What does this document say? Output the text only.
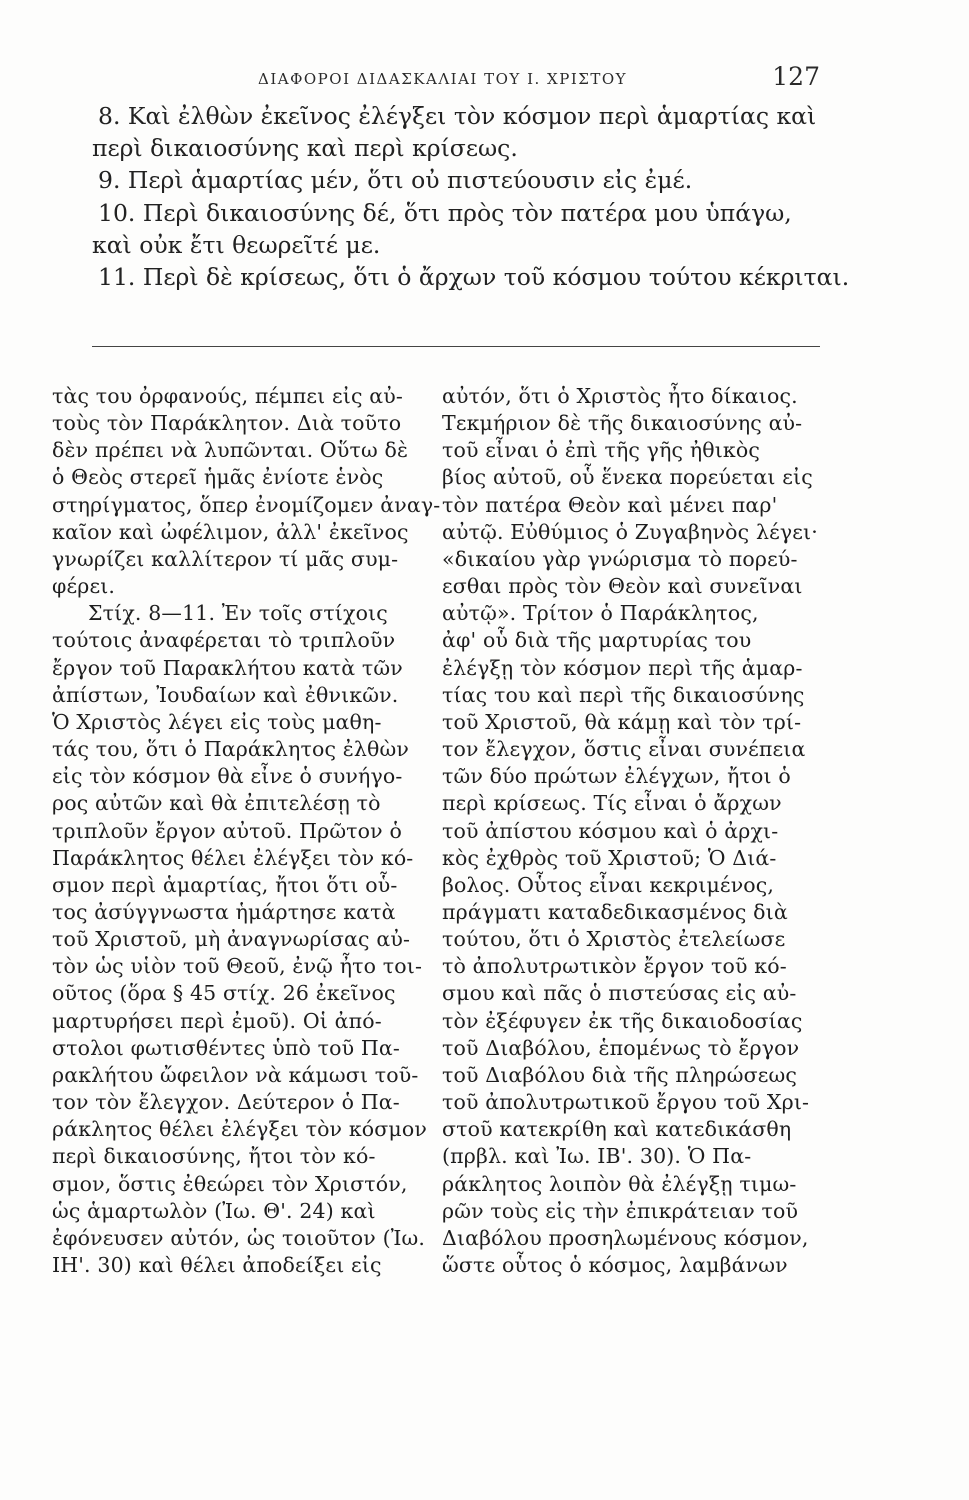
ΔΙΑΦΟΡΟΙ ΔΙΔΑΣΚΑΛΙΑΙ ΤΟΥ Ι. ΧΡΙΣΤΟΥ	127
8. Καὶ ἐλθὼν ἐκεῖνος ἐλέγξει τὸν κόσμον περὶ ἁμαρτίας καὶ
περὶ δικαιοσύνης καὶ περὶ κρίσεως.
9. Περὶ ἁμαρτίας μέν, ὅτι οὐ πιστεύουσιν εἰς ἐμέ.
10. Περὶ δικαιοσύνης δέ, ὅτι πρὸς τὸν πατέρα μου ὑπάγω,
καὶ οὐκ ἔτι θεωρεῖτέ με.
11. Περὶ δὲ κρίσεως, ὅτι ὁ ἄρχων τοῦ κόσμου τούτου κέκριται.
τὰς του ὀρφανούς, πέμπει εἰς αὐ-
τοὺς τὸν Παράκλητον. Διὰ τοῦτο
δὲν πρέπει νὰ λυπῶνται. Οὕτω δὲ
ὁ Θεὸς στερεῖ ἡμᾶς ἐνίοτε ἑνὸς
στηρίγματος, ὅπερ ἐνομίζομεν ἀναγ-
καῖον καὶ ὠφέλιμον, ἀλλ' ἐκεῖνος
γνωρίζει καλλίτερον τί μᾶς συμ-
φέρει.
Στίχ. 8—11. Ἐν τοῖς στίχοις
τούτοις ἀναφέρεται τὸ τριπλοῦν
ἔργον τοῦ Παρακλήτου κατὰ τῶν
ἀπίστων, Ἰουδαίων καὶ ἐθνικῶν.
Ὁ Χριστὸς λέγει εἰς τοὺς μαθη-
τάς του, ὅτι ὁ Παράκλητος ἐλθὼν
εἰς τὸν κόσμον θὰ εἶνε ὁ συνήγο-
ρος αὐτῶν καὶ θὰ ἐπιτελέσῃ τὸ
τριπλοῦν ἔργον αὐτοῦ. Πρῶτον ὁ
Παράκλητος θέλει ἐλέγξει τὸν κό-
σμον περὶ ἁμαρτίας, ἤτοι ὅτι οὗ-
τος ἀσύγγνωστα ἡμάρτησε κατὰ
τοῦ Χριστοῦ, μὴ ἀναγνωρίσας αὐ-
τὸν ὡς υἱὸν τοῦ Θεοῦ, ἐνῷ ἦτο τοι-
οῦτος (ὅρα § 45 στίχ. 26 ἐκεῖνος
μαρτυρήσει περὶ ἐμοῦ). Οἱ ἀπό-
στολοι φωτισθέντες ὑπὸ τοῦ Πα-
ρακλήτου ὤφειλον νὰ κάμωσι τοῦ-
τον τὸν ἔλεγχον. Δεύτερον ὁ Πα-
ράκλητος θέλει ἐλέγξει τὸν κόσμον
περὶ δικαιοσύνης, ἤτοι τὸν κό-
σμον, ὅστις ἐθεώρει τὸν Χριστόν,
ὡς ἁμαρτωλὸν (Ἰω. Θ'. 24) καὶ
ἐφόνευσεν αὐτόν, ὡς τοιοῦτον (Ἰω.
ΙΗ'. 30) καὶ θέλει ἀποδείξει εἰς
αὐτόν, ὅτι ὁ Χριστὸς ἦτο δίκαιος.
Τεκμήριον δὲ τῆς δικαιοσύνης αὐ-
τοῦ εἶναι ὁ ἐπὶ τῆς γῆς ἠθικὸς
βίος αὐτοῦ, οὗ ἕνεκα πορεύεται εἰς
τὸν πατέρα Θεὸν καὶ μένει παρ'
αὐτῷ. Εὐθύμιος ὁ Ζυγαβηνὸς λέγει·
«δικαίου γὰρ γνώρισμα τὸ πορεύ-
εσθαι πρὸς τὸν Θεὸν καὶ συνεῖναι
αὐτῷ». Τρίτον ὁ Παράκλητος,
ἀφ' οὗ διὰ τῆς μαρτυρίας του
ἐλέγξῃ τὸν κόσμον περὶ τῆς ἁμαρ-
τίας του καὶ περὶ τῆς δικαιοσύνης
τοῦ Χριστοῦ, θὰ κάμῃ καὶ τὸν τρί-
τον ἔλεγχον, ὅστις εἶναι συνέπεια
τῶν δύο πρώτων ἐλέγχων, ἤτοι ὁ
περὶ κρίσεως. Τίς εἶναι ὁ ἄρχων
τοῦ ἀπίστου κόσμου καὶ ὁ ἀρχι-
κὸς ἐχθρὸς τοῦ Χριστοῦ; Ὁ Διά-
βολος. Οὗτος εἶναι κεκριμένος,
πράγματι καταδεδικασμένος διὰ
τούτου, ὅτι ὁ Χριστὸς ἐτελείωσε
τὸ ἀπολυτρωτικὸν ἔργον τοῦ κό-
σμου καὶ πᾶς ὁ πιστεύσας εἰς αὐ-
τὸν ἐξέφυγεν ἐκ τῆς δικαιοδοσίας
τοῦ Διαβόλου, ἑπομένως τὸ ἔργον
τοῦ Διαβόλου διὰ τῆς πληρώσεως
τοῦ ἀπολυτρωτικοῦ ἔργου τοῦ Χρι-
στοῦ κατεκρίθη καὶ κατεδικάσθη
(πρβλ. καὶ Ἰω. ΙΒ'. 30). Ὁ Πα-
ράκλητος λοιπὸν θὰ ἐλέγξῃ τιμω-
ρῶν τοὺς εἰς τὴν ἐπικράτειαν τοῦ
Διαβόλου προσηλωμένους κόσμον,
ὥστε οὗτος ὁ κόσμος, λαμβάνων
